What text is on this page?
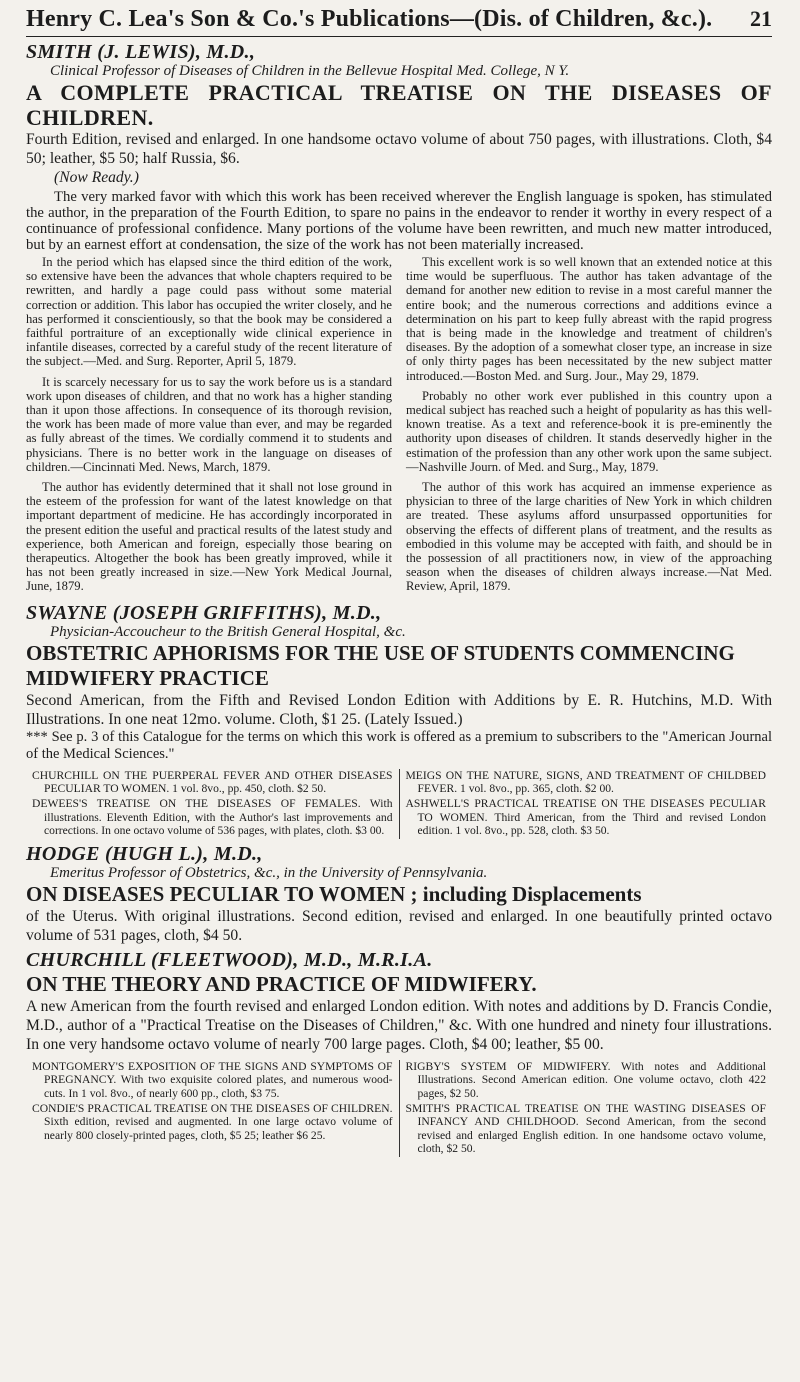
Henry C. Lea's Son & Co.'s Publications—(Dis. of Children, &c.). 21
SMITH (J. LEWIS), M.D.,
Clinical Professor of Diseases of Children in the Bellevue Hospital Med. College, N Y.
A COMPLETE PRACTICAL TREATISE ON THE DISEASES OF CHILDREN.
Fourth Edition, revised and enlarged. In one handsome octavo volume of about 750 pages, with illustrations. Cloth, $4 50; leather, $5 50; half Russia, $6.
(Now Ready.)
The very marked favor with which this work has been received wherever the English language is spoken, has stimulated the author, in the preparation of the Fourth Edition, to spare no pains in the endeavor to render it worthy in every respect of a continuance of professional confidence. Many portions of the volume have been rewritten, and much new matter introduced, but by an earnest effort at condensation, the size of the work has not been materially increased.

In the period which has elapsed since the third edition of the work, so extensive have been the advances that whole chapters required to be rewritten, and hardly a page could pass without some material correction or addition. This labor has occupied the writer closely, and he has performed it conscientiously, so that the book may be considered a faithful portraiture of an exceptionally wide clinical experience in infantile diseases, corrected by a careful study of the recent literature of the subject.—Med. and Surg. Reporter, April 5, 1879.

It is scarcely necessary for us to say the work before us is a standard work upon diseases of children, and that no work has a higher standing than it upon those affections. In consequence of its thorough revision, the work has been made of more value than ever, and may be regarded as fully abreast of the times. We cordially commend it to students and physicians. There is no better work in the language on diseases of children.—Cincinnati Med. News, March, 1879.

The author has evidently determined that it shall not lose ground in the esteem of the profession for want of the latest knowledge on that important department of medicine. He has accordingly incorporated in the present edition the useful and practical results of the latest study and experience, both American and foreign, especially those bearing on therapeutics. Altogether the book has been greatly improved, while it has not been greatly increased in size.—New York Medical Journal, June, 1879.

This excellent work is so well known that an extended notice at this time would be superfluous. The author has taken advantage of the demand for another new edition to revise in a most careful manner the entire book; and the numerous corrections and additions evince a determination on his part to keep fully abreast with the rapid progress that is being made in the knowledge and treatment of children's diseases. By the adoption of a somewhat closer type, an increase in size of only thirty pages has been necessitated by the new subject matter introduced.—Boston Med. and Surg. Jour., May 29, 1879.

Probably no other work ever published in this country upon a medical subject has reached such a height of popularity as has this well-known treatise. As a text and reference-book it is pre-eminently the authority upon diseases of children. It stands deservedly higher in the estimation of the profession than any other work upon the same subject.—Nashville Journ. of Med. and Surg., May, 1879.

The author of this work has acquired an immense experience as physician to three of the large charities of New York in which children are treated. These asylums afford unsurpassed opportunities for observing the effects of different plans of treatment, and the results as embodied in this volume may be accepted with faith, and should be in the possession of all practitioners now, in view of the approaching season when the diseases of children always increase.—Nat Med. Review, April, 1879.

SWAYNE (JOSEPH GRIFFITHS), M.D.,
Physician-Accoucheur to the British General Hospital, &c.
OBSTETRIC APHORISMS FOR THE USE OF STUDENTS COMMENCING MIDWIFERY PRACTICE
Second American, from the Fifth and Revised London Edition with Additions by E. R. Hutchins, M.D. With Illustrations. In one neat 12mo. volume. Cloth, $1 25. (Lately Issued.)
*** See p. 3 of this Catalogue for the terms on which this work is offered as a premium to subscribers to the "American Journal of the Medical Sciences."

CHURCHILL ON THE PUERPERAL FEVER AND OTHER DISEASES PECULIAR TO WOMEN. 1 vol. 8vo., pp. 450, cloth. $2 50.

DEWEES'S TREATISE ON THE DISEASES OF FEMALES. With illustrations. Eleventh Edition, with the Author's last improvements and corrections. In one octavo volume of 536 pages, with plates, cloth. $3 00.

MEIGS ON THE NATURE, SIGNS, AND TREATMENT OF CHILDBED FEVER. 1 vol. 8vo., pp. 365, cloth. $2 00.

ASHWELL'S PRACTICAL TREATISE ON THE DISEASES PECULIAR TO WOMEN. Third American, from the Third and revised London edition. 1 vol. 8vo., pp. 528, cloth. $3 50.

HODGE (HUGH L.), M.D.,
Emeritus Professor of Obstetrics, &c., in the University of Pennsylvania.
ON DISEASES PECULIAR TO WOMEN ; including Displacements
of the Uterus. With original illustrations. Second edition, revised and enlarged. In one beautifully printed octavo volume of 531 pages, cloth, $4 50.
CHURCHILL (FLEETWOOD), M.D., M.R.I.A.
ON THE THEORY AND PRACTICE OF MIDWIFERY.
A new American from the fourth revised and enlarged London edition. With notes and additions by D. Francis Condie, M.D., author of a "Practical Treatise on the Diseases of Children," &c. With one hundred and ninety four illustrations. In one very handsome octavo volume of nearly 700 large pages. Cloth, $4 00; leather, $5 00.

MONTGOMERY'S EXPOSITION OF THE SIGNS AND SYMPTOMS OF PREGNANCY. With two exquisite colored plates, and numerous wood-cuts. In 1 vol. 8vo., of nearly 600 pp., cloth, $3 75.

CONDIE'S PRACTICAL TREATISE ON THE DISEASES OF CHILDREN. Sixth edition, revised and augmented. In one large octavo volume of nearly 800 closely-printed pages, cloth, $5 25; leather $6 25.

RIGBY'S SYSTEM OF MIDWIFERY. With notes and Additional Illustrations. Second American edition. One volume octavo, cloth 422 pages, $2 50.

SMITH'S PRACTICAL TREATISE ON THE WASTING DISEASES OF INFANCY AND CHILDHOOD. Second American, from the second revised and enlarged English edition. In one handsome octavo volume, cloth, $2 50.
